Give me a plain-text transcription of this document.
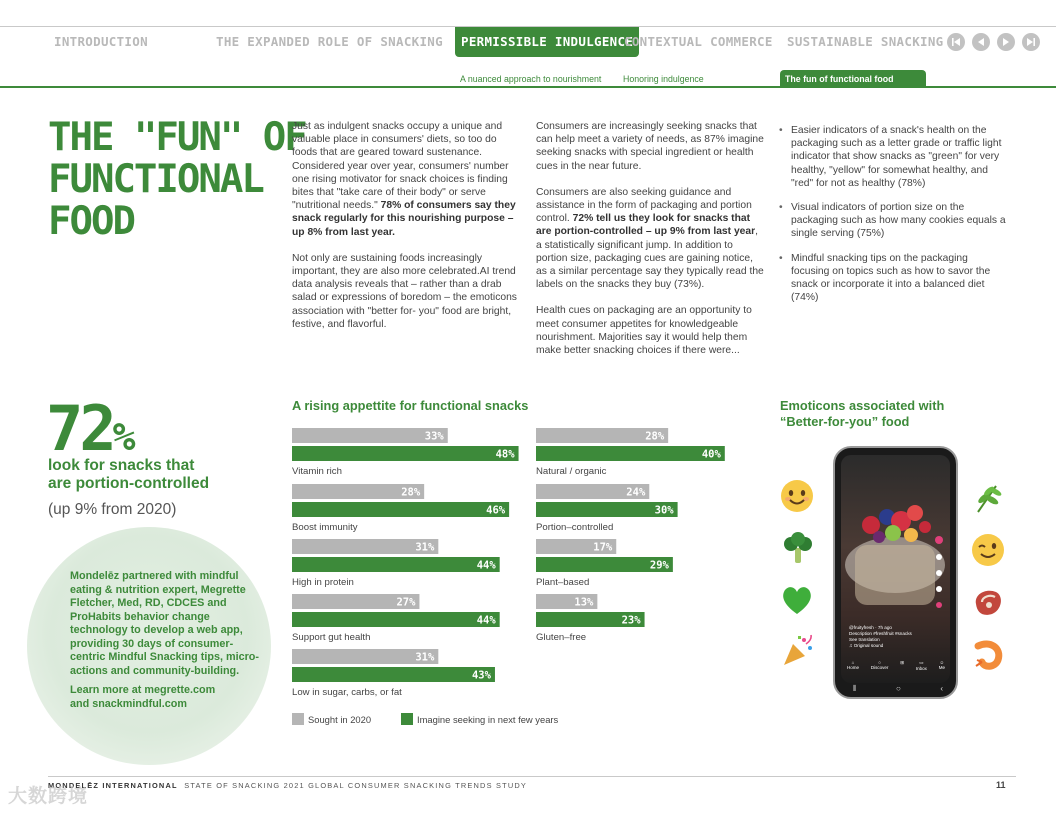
INTRODUCTION	THE EXPANDED ROLE OF SNACKING	PERMISSIBLE INDULGENCE
CONTEXTUAL COMMERCE SUSTAINABLE SNACKING
A nuanced approach to nourishment Honoring indulgence	The fun of functional food
THE "FUN" OF
FUNCTIONAL
FOOD

Just as indulgent snacks occupy a unique and valuable place in consumers' diets, so too do foods that are geared toward sustenance. Considered year over year, consumers' number one rising motivator for snack choices is finding bites that "take care of their body" or serve "nutritional needs." 78% of consumers say they snack regularly for this nourishing purpose – up 8% from last year.

Not only are sustaining foods increasingly important, they are also more celebrated.AI trend data analysis reveals that – rather than a drab salad or expressions of boredom – the emoticons association with "better for- you" food are bright, festive, and flavorful.

Consumers are increasingly seeking snacks that can help meet a variety of needs, as 87% imagine seeking snacks with special ingredient or health cues in the near future.

Consumers are also seeking guidance and assistance in the form of packaging and portion control. 72% tell us they look for snacks that are portion-controlled – up 9% from last year, a statistically significant jump. In addition to portion size, packaging cues are gaining notice, as a similar percentage say they typically read the labels on the snacks they buy (73%).

Health cues on packaging are an opportunity to meet consumer appetites for knowledgeable nourishment. Majorities say it would help them make better snacking choices if there were...

• Easier indicators of a snack's health on the packaging such as a letter grade or traffic light indicator that show snacks as "green" for very healthy, "yellow" for somewhat healthy, and "red" for not as healthy (78%)
• Visual indicators of portion size on the packaging such as how many cookies equals a single serving (75%)
• Mindful snacking tips on the packaging focusing on topics such as how to savor the snack or incorporate it into a balanced diet (74%)
72%
look for snacks that
are portion-controlled
(up 9% from 2020)

Mondelēz partnered with mindful eating & nutrition expert, Megrette Fletcher, Med, RD, CDCES and ProHabits behavior change technology to develop a web app, providing 30 days of consumer-centric Mindful Snacking tips, micro-actions and community-building.

Learn more at megrette.com
and snackmindful.com
A rising appettite for functional snacks
33%
48%
Vitamin rich
28%
46%
Boost immunity
31%
44%
High in protein
27%
44%
Support gut health
31%
43%
Low in sugar, carbs, or fat
28%
40%
Natural / organic
24%
30%
Portion–controlled
17%
29%
Plant–based
13%
23%
Gluten–free
Sought in 2020	Imagine seeking in next few years
Emoticons associated with
“Better-for-you” food
@fruityfresh · 7h ago
Description #freshfruit #snacks
See translation
♫ Original sound
⌂
Home
○
Discover
⊞	▭
Inbox
☺
Me
⦀	○	‹
MONDELĒZ INTERNATIONAL STATE OF SNACKING 2021 GLOBAL CONSUMER SNACKING TRENDS STUDY	11
大数跨境
